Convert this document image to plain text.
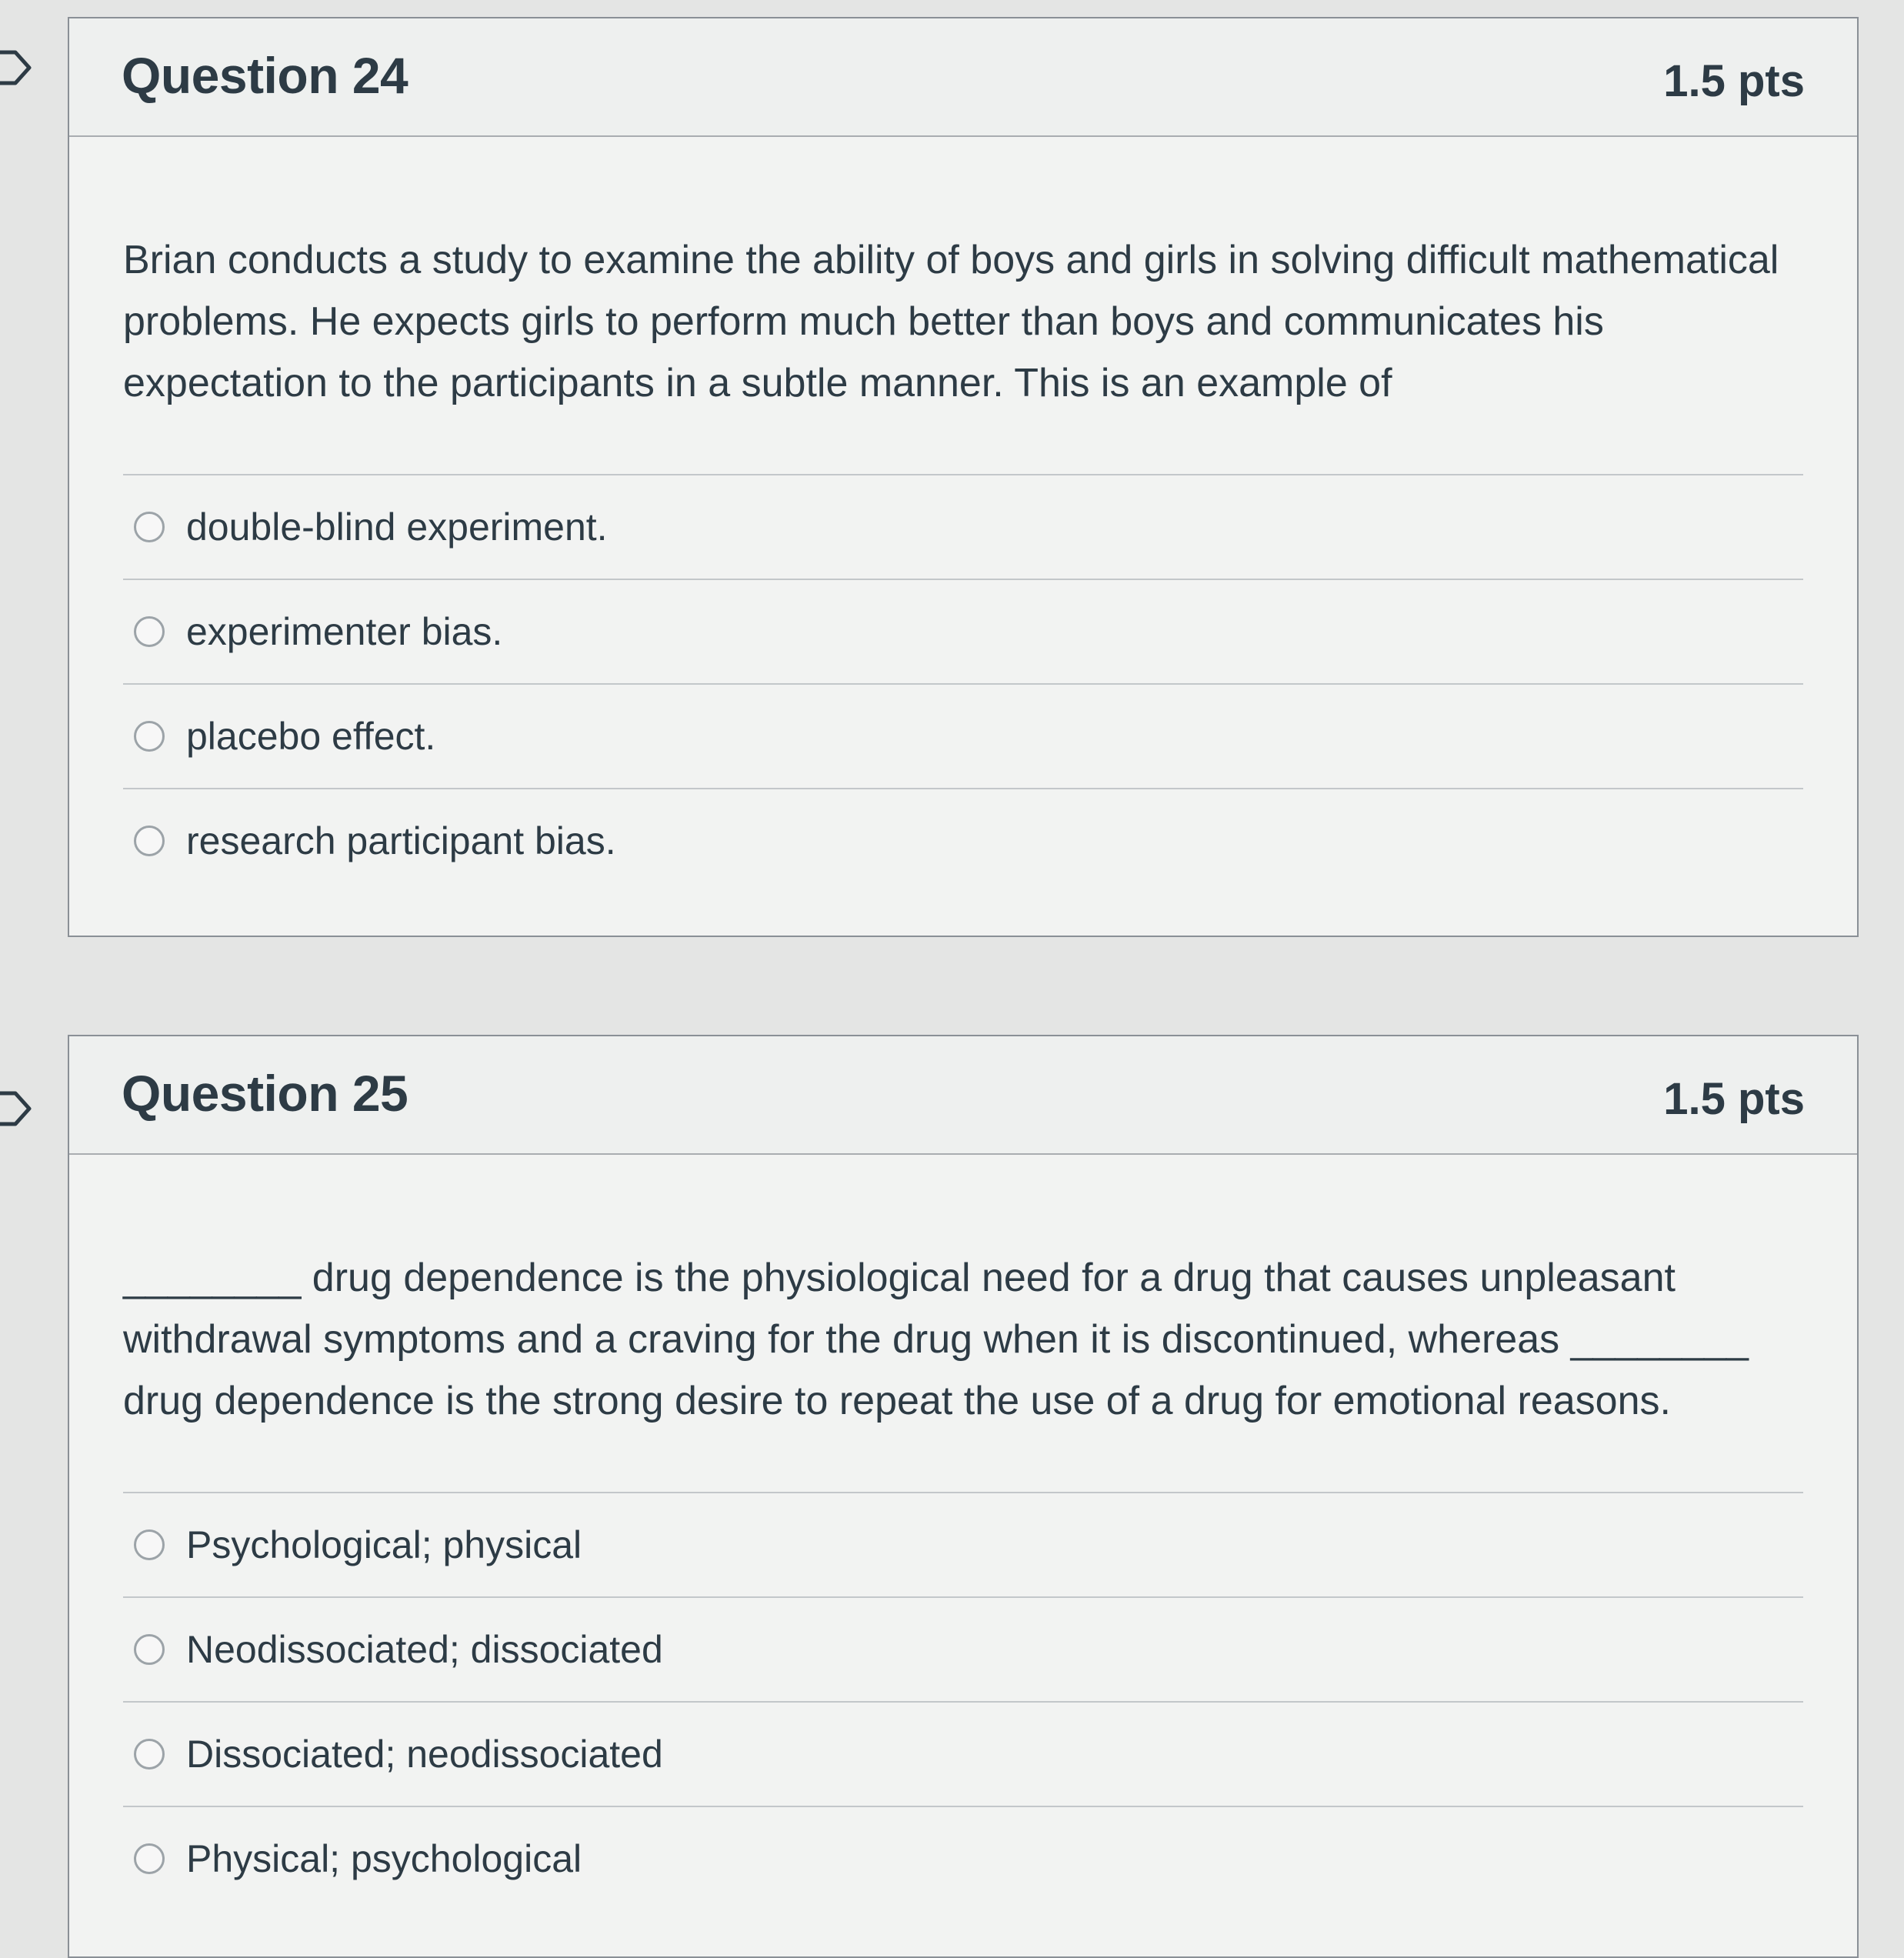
Question 24	1.5 pts

Brian conducts a study to examine the ability of boys and girls in solving difficult mathematical problems. He expects girls to perform much better than boys and communicates his expectation to the participants in a subtle manner. This is an example of

double-blind experiment.
experimenter bias.
placebo effect.
research participant bias.
Question 25	1.5 pts

________ drug dependence is the physiological need for a drug that causes unpleasant withdrawal symptoms and a craving for the drug when it is discontinued, whereas ________ drug dependence is the strong desire to repeat the use of a drug for emotional reasons.

Psychological; physical
Neodissociated; dissociated
Dissociated; neodissociated
Physical; psychological
